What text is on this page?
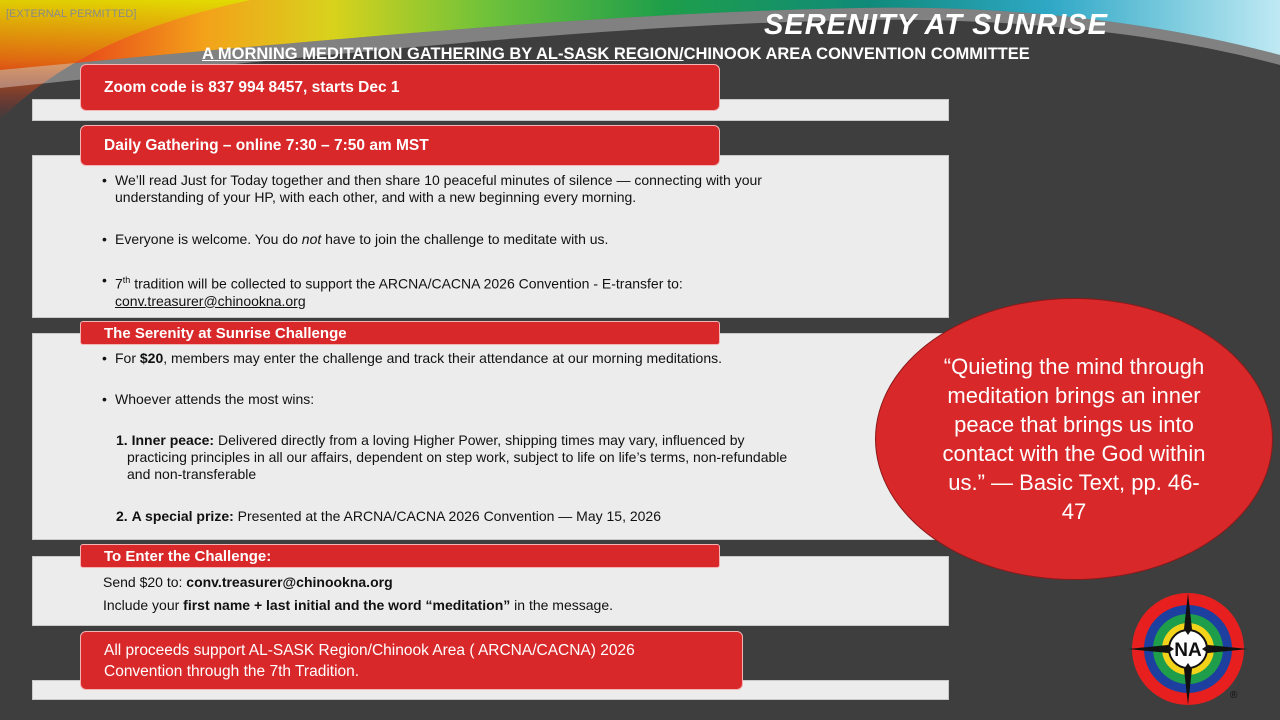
[EXTERNAL PERMITTED]	SERENITY AT SUNRISE
A MORNING MEDITATION GATHERING BY AL-SASK REGION/CHINOOK AREA CONVENTION COMMITTEE
Zoom code is 837 994 8457, starts Dec 1
Daily Gathering – online 7:30 – 7:50 am MST
• We’ll read Just for Today together and then share 10 peaceful minutes of silence — connecting with your
understanding of your HP, with each other, and with a new beginning every morning.
• Everyone is welcome. You do not have to join the challenge to meditate with us.
• 7th tradition will be collected to support the ARCNA/CACNA 2026 Convention - E-transfer to:
conv.treasurer@chinookna.org
The Serenity at Sunrise Challenge
• For $20, members may enter the challenge and track their attendance at our morning meditations.
• Whoever attends the most wins:
1. Inner peace: Delivered directly from a loving Higher Power, shipping times may vary, influenced by
practicing principles in all our affairs, dependent on step work, subject to life on life’s terms, non-refundable
and non-transferable
2. A special prize: Presented at the ARCNA/CACNA 2026 Convention — May 15, 2026
To Enter the Challenge:
Send $20 to: conv.treasurer@chinookna.org
Include your first name + last initial and the word “meditation” in the message.
All proceeds support AL-SASK Region/Chinook Area ( ARCNA/CACNA) 2026
Convention through the 7th Tradition.
“Quieting the mind through meditation brings an inner peace that brings us into contact with the God within us.” — Basic Text, pp. 46-47
NA
®
